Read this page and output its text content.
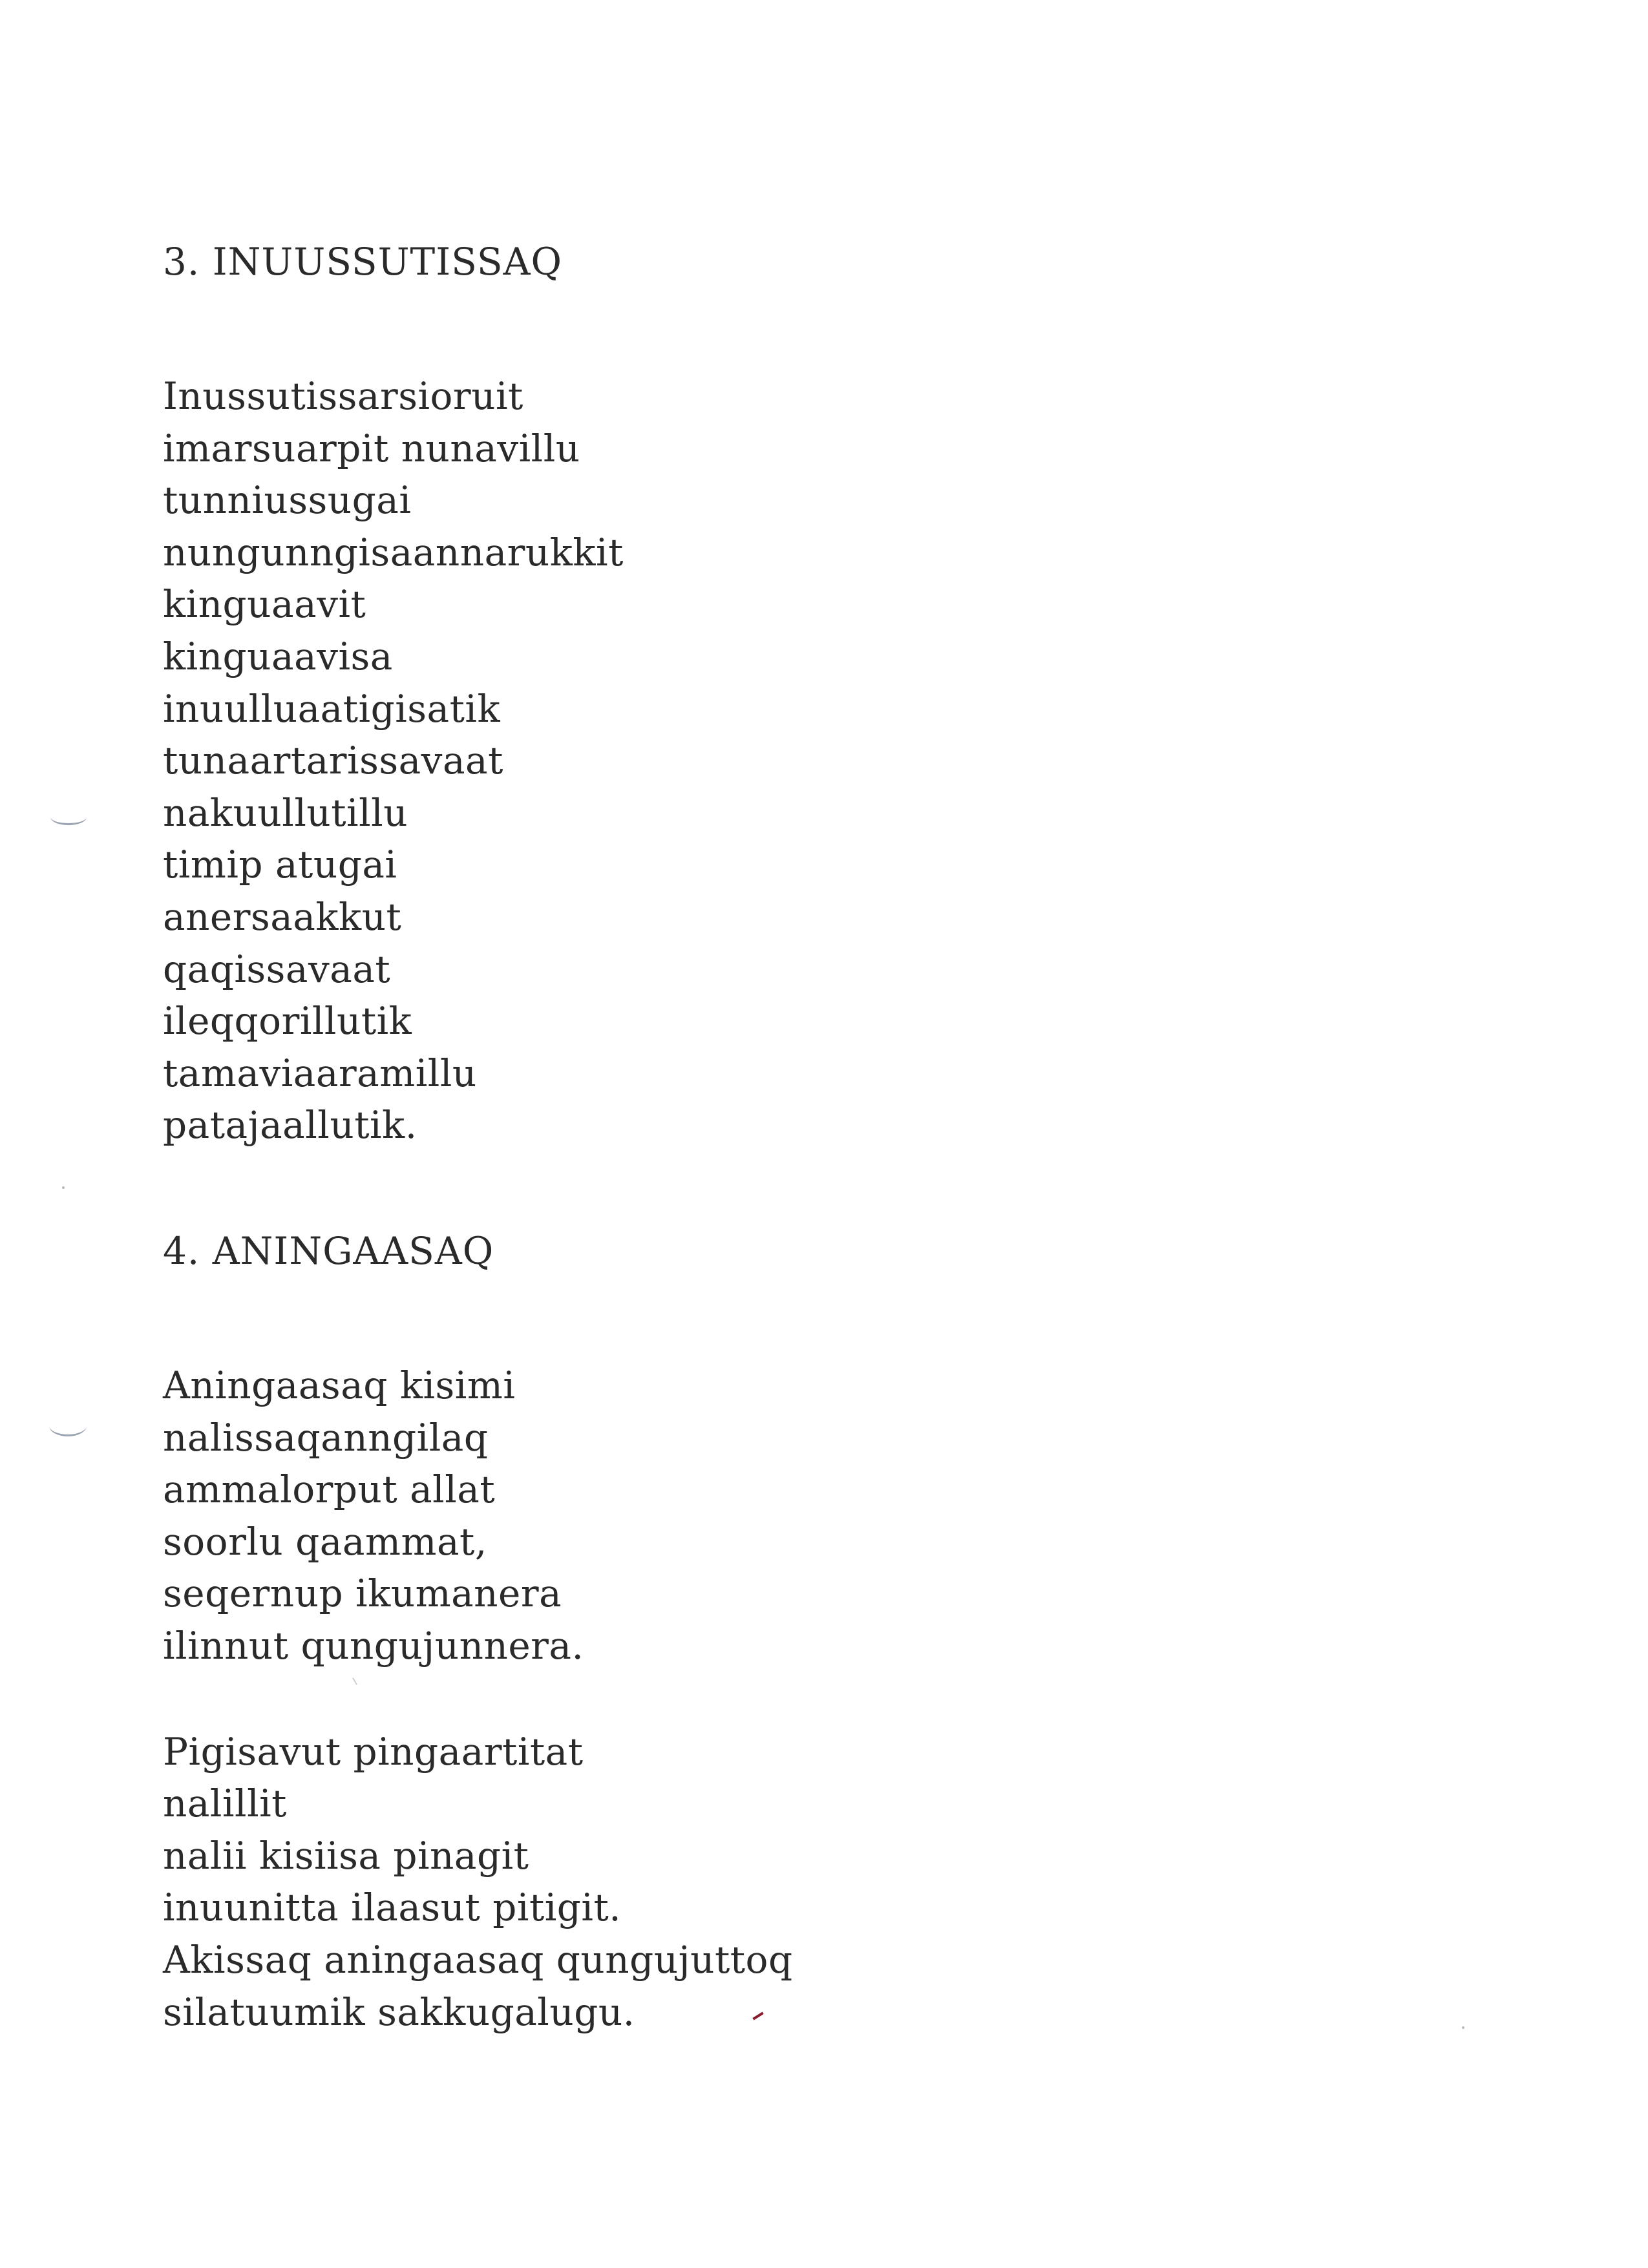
3. INUUSSUTISSAQ
Inussutissarsioruit
imarsuarpit nunavillu
tunniussugai
nungunngisaannarukkit
kinguaavit
kinguaavisa
inuulluaatigisatik
tunaartarissavaat
nakuullutillu
timip atugai
anersaakkut
qaqissavaat
ileqqorillutik
tamaviaaramillu
patajaallutik.
4. ANINGAASAQ
Aningaasaq kisimi
nalissaqanngilaq
ammalorput allat
soorlu qaammat,
seqernup ikumanera
ilinnut qungujunnera.
Pigisavut pingaartitat
nalillit
nalii kisiisa pinagit
inuunitta ilaasut pitigit.
Akissaq aningaasaq qungujuttoq
silatuumik sakkugalugu.
